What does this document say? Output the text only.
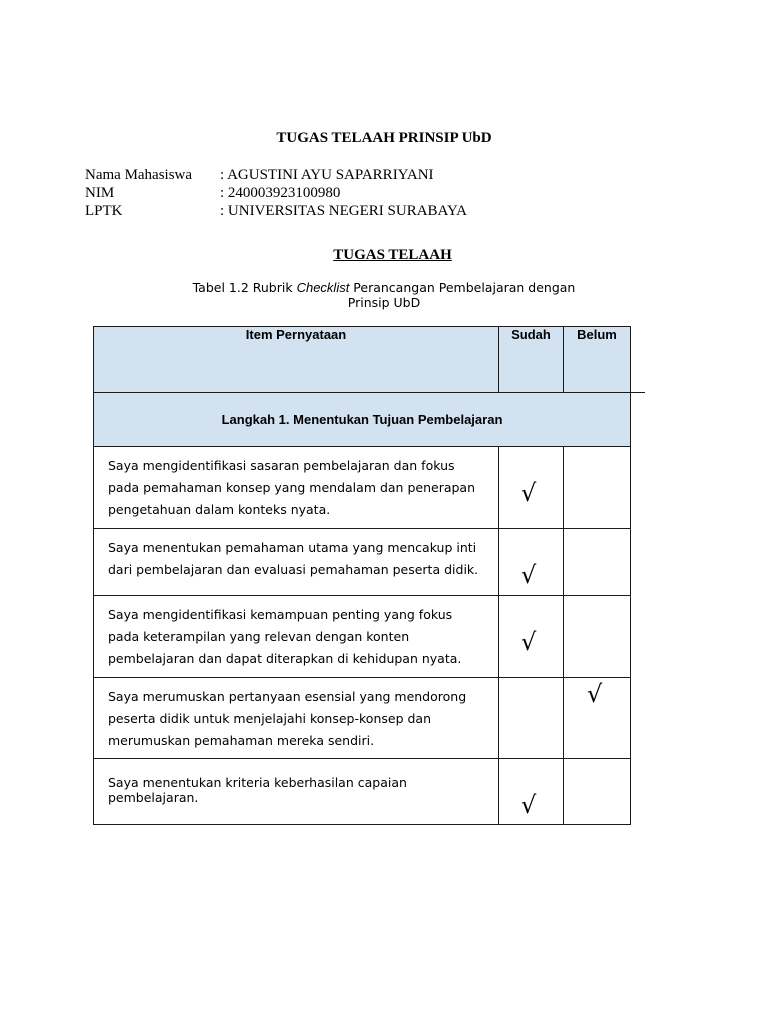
TUGAS TELAAH PRINSIP UbD
Nama Mahasiswa	: AGUSTINI AYU SAPARRIYANI
NIM	: 240003923100980
LPTK	: UNIVERSITAS NEGERI SURABAYA
TUGAS TELAAH
Tabel 1.2 Rubrik Checklist Perancangan Pembelajaran dengan Prinsip UbD
Item Pernyataan	Sudah	Belum
Langkah 1. Menentukan Tujuan Pembelajaran		
Saya mengidentifikasi sasaran pembelajaran dan fokus pada pemahaman konsep yang mendalam dan penerapan pengetahuan dalam konteks nyata.	√	

Saya menentukan pemahaman utama yang mencakup inti dari pembelajaran dan evaluasi pemahaman peserta didik.	√	

Saya mengidentifikasi kemampuan penting yang fokus pada keterampilan yang relevan dengan konten pembelajaran dan dapat diterapkan di kehidupan nyata.	√	

Saya merumuskan pertanyaan esensial yang mendorong peserta didik untuk menjelajahi konsep-konsep dan merumuskan pemahaman mereka sendiri.		√

Saya menentukan kriteria keberhasilan capaian pembelajaran.	√	
